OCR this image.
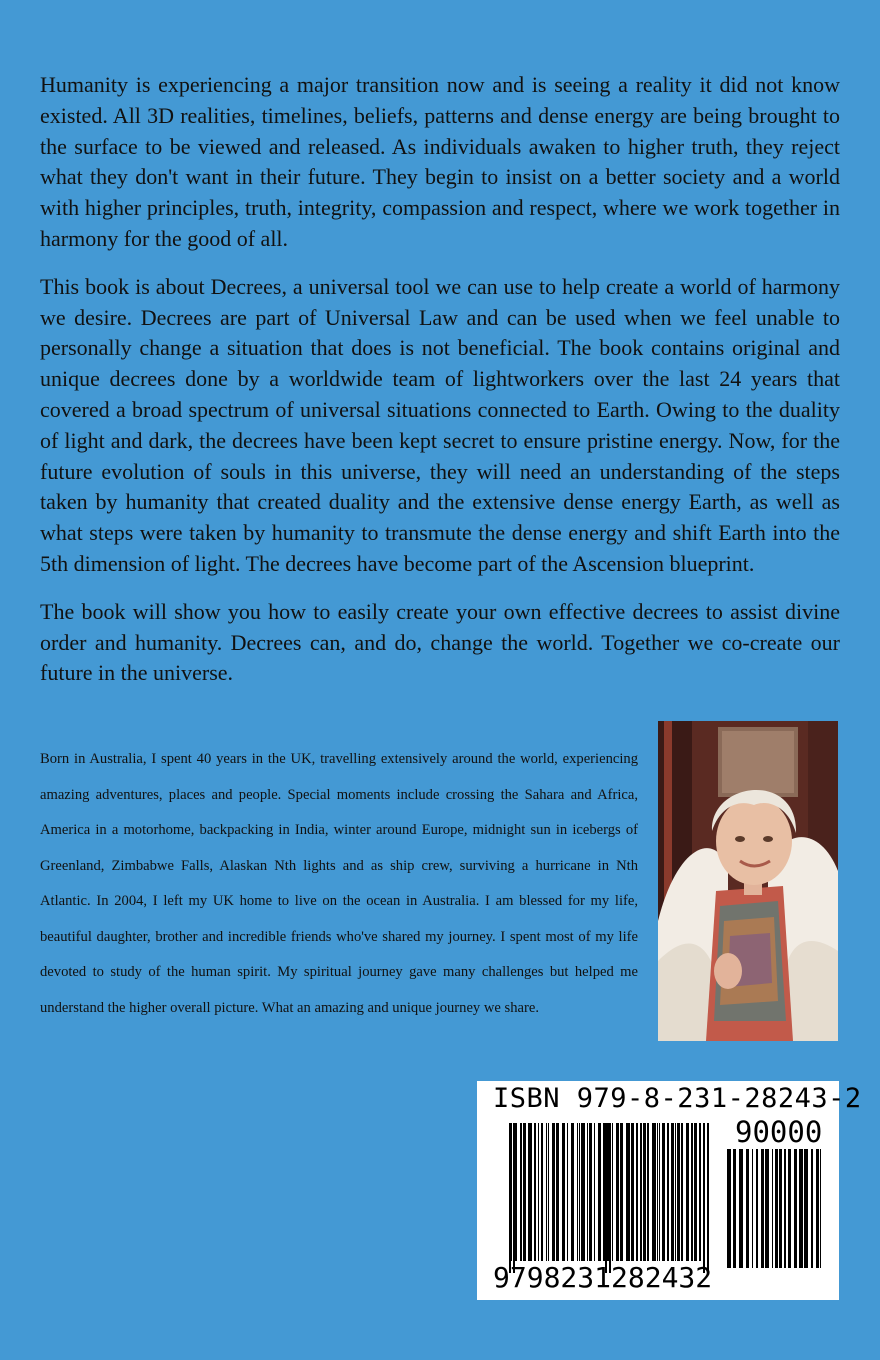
Humanity is experiencing a major transition now and is seeing a reality it did not know existed. All 3D realities, timelines, beliefs, patterns and dense energy are being brought to the surface to be viewed and released. As individuals awaken to higher truth, they reject what they don't want in their future. They begin to insist on a better society and a world with higher principles, truth, integrity, compassion and respect, where we work together in harmony for the good of all.

This book is about Decrees, a universal tool we can use to help create a world of harmony we desire. Decrees are part of Universal Law and can be used when we feel unable to personally change a situation that does is not beneficial. The book contains original and unique decrees done by a worldwide team of lightworkers over the last 24 years that covered a broad spectrum of universal situations connected to Earth. Owing to the duality of light and dark, the decrees have been kept secret to ensure pristine energy. Now, for the future evolution of souls in this universe, they will need an understanding of the steps taken by humanity that created duality and the extensive dense energy Earth, as well as what steps were taken by humanity to transmute the dense energy and shift Earth into the 5th dimension of light. The decrees have become part of the Ascension blueprint.

The book will show you how to easily create your own effective decrees to assist divine order and humanity. Decrees can, and do, change the world. Together we co-create our future in the universe.

Born in Australia, I spent 40 years in the UK, travelling extensively around the world, experiencing amazing adventures, places and people. Special moments include crossing the Sahara and Africa, America in a motorhome, backpacking in India, winter around Europe, midnight sun in icebergs of Greenland, Zimbabwe Falls, Alaskan Nth lights and as ship crew, surviving a hurricane in Nth Atlantic. In 2004, I left my UK home to live on the ocean in Australia. I am blessed for my life, beautiful daughter, brother and incredible friends who've shared my journey. I spent most of my life devoted to study of the human spirit. My spiritual journey gave many challenges but helped me understand the higher overall picture. What an amazing and unique journey we share.

ISBN 979-8-231-28243-2
90000
9798231282432
